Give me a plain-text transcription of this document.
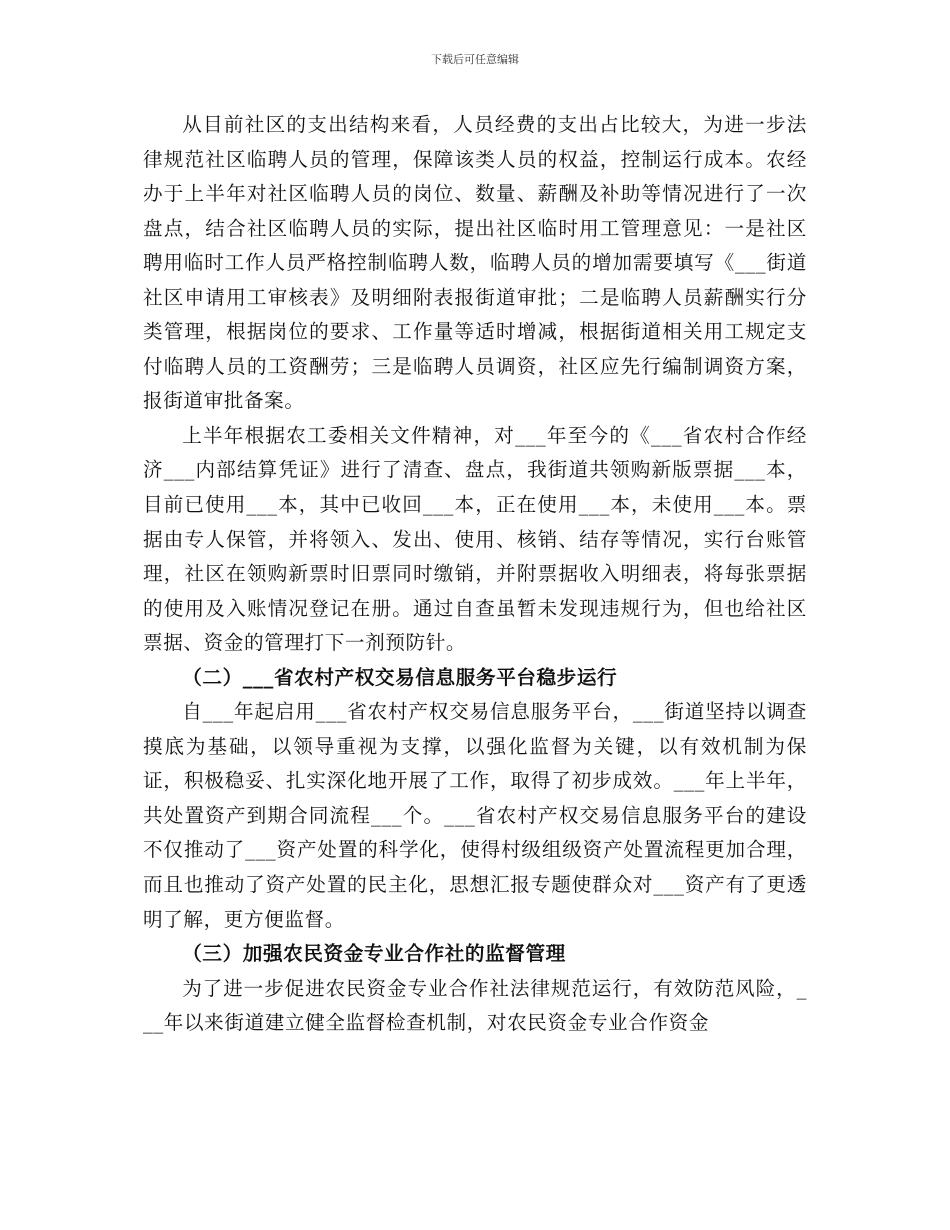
下载后可任意编辑

从目前社区的支出结构来看，人员经费的支出占比较大，为进一步法律规范社区临聘人员的管理，保障该类人员的权益，控制运行成本。农经办于上半年对社区临聘人员的岗位、数量、薪酬及补助等情况进行了一次盘点，结合社区临聘人员的实际，提出社区临时用工管理意见：一是社区聘用临时工作人员严格控制临聘人数，临聘人员的增加需要填写《___街道社区申请用工审核表》及明细附表报街道审批；二是临聘人员薪酬实行分类管理，根据岗位的要求、工作量等适时增减，根据街道相关用工规定支付临聘人员的工资酬劳；三是临聘人员调资，社区应先行编制调资方案，报街道审批备案。

上半年根据农工委相关文件精神，对___年至今的《___省农村合作经济___内部结算凭证》进行了清查、盘点，我街道共领购新版票据___本，目前已使用___本，其中已收回___本，正在使用___本，未使用___本。票据由专人保管，并将领入、发出、使用、核销、结存等情况，实行台账管理，社区在领购新票时旧票同时缴销，并附票据收入明细表，将每张票据的使用及入账情况登记在册。通过自查虽暂未发现违规行为，但也给社区票据、资金的管理打下一剂预防针。

（二）___省农村产权交易信息服务平台稳步运行

自___年起启用___省农村产权交易信息服务平台，___街道坚持以调查摸底为基础，以领导重视为支撑，以强化监督为关键，以有效机制为保证，积极稳妥、扎实深化地开展了工作，取得了初步成效。___年上半年，共处置资产到期合同流程___个。___省农村产权交易信息服务平台的建设不仅推动了___资产处置的科学化，使得村级组级资产处置流程更加合理，而且也推动了资产处置的民主化，思想汇报专题使群众对___资产有了更透明了解，更方便监督。

（三）加强农民资金专业合作社的监督管理

为了进一步促进农民资金专业合作社法律规范运行，有效防范风险，___年以来街道建立健全监督检查机制，对农民资金专业合作资金
